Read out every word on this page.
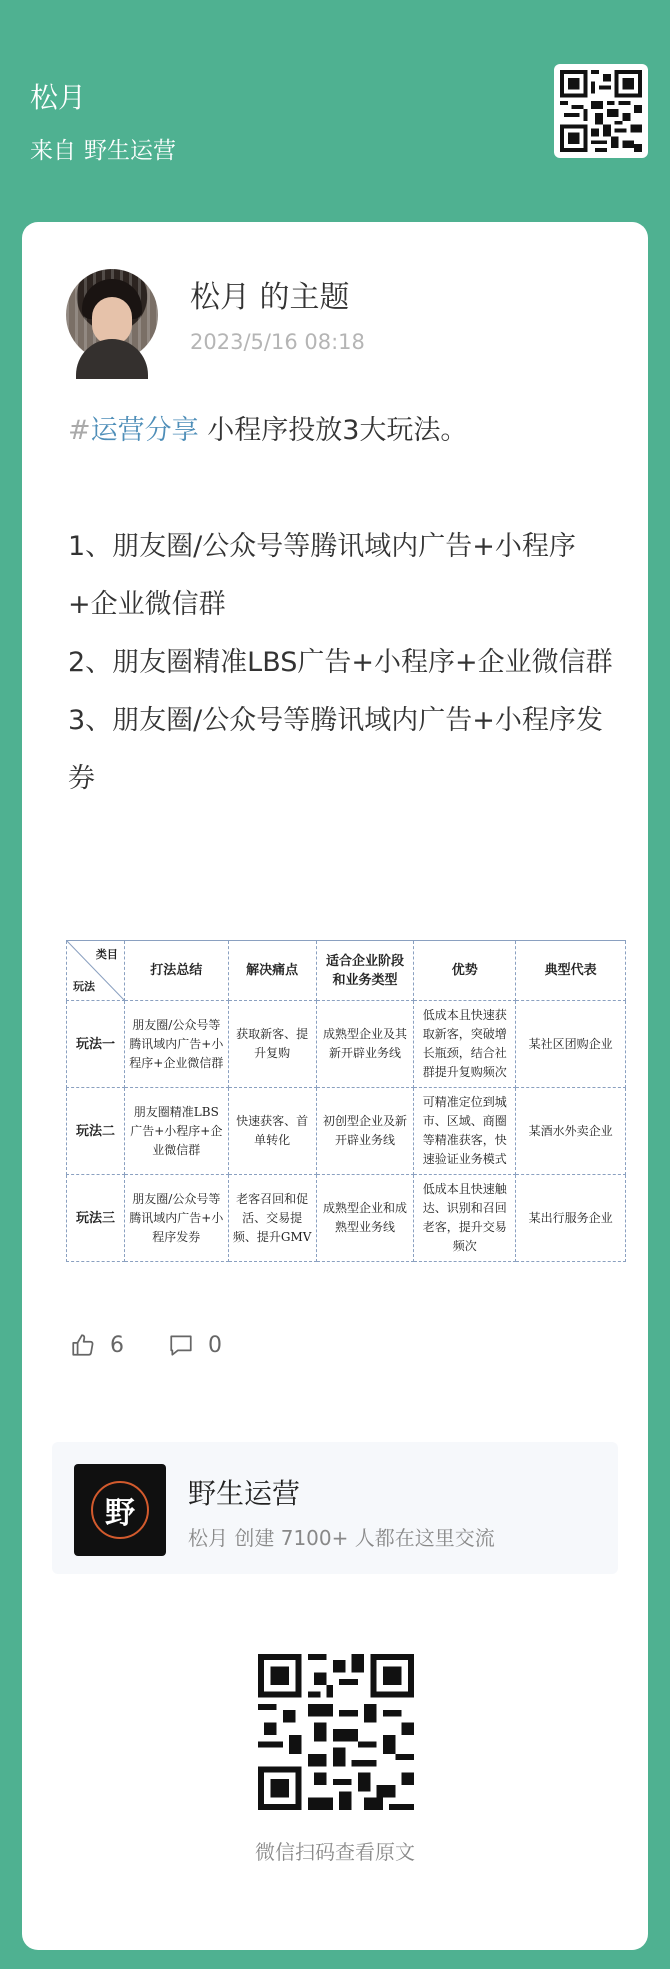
松月
来自 野生运营
松月 的主题
2023/5/16 08:18

#运营分享 小程序投放3大玩法。

1、朋友圈/公众号等腾讯域内广告+小程序+企业微信群

2、朋友圈精准LBS广告+小程序+企业微信群

3、朋友圈/公众号等腾讯域内广告+小程序发券

类目
玩法	打法总结	解决痛点	适合企业阶段和业务类型	优势	典型代表
玩法一	朋友圈/公众号等腾讯域内广告+小程序+企业微信群	获取新客、提升复购	成熟型企业及其新开辟业务线	低成本且快速获取新客，突破增长瓶颈，结合社群提升复购频次	某社区团购企业
玩法二	朋友圈精准LBS广告+小程序+企业微信群	快速获客、首单转化	初创型企业及新开辟业务线	可精准定位到城市、区域、商圈等精准获客，快速验证业务模式	某酒水外卖企业
玩法三	朋友圈/公众号等腾讯域内广告+小程序发券	老客召回和促活、交易提频、提升GMV	成熟型企业和成熟型业务线	低成本且快速触达、识别和召回老客，提升交易频次	某出行服务企业
6	0
野
野生运营
松月 创建 7100+ 人都在这里交流
微信扫码查看原文
